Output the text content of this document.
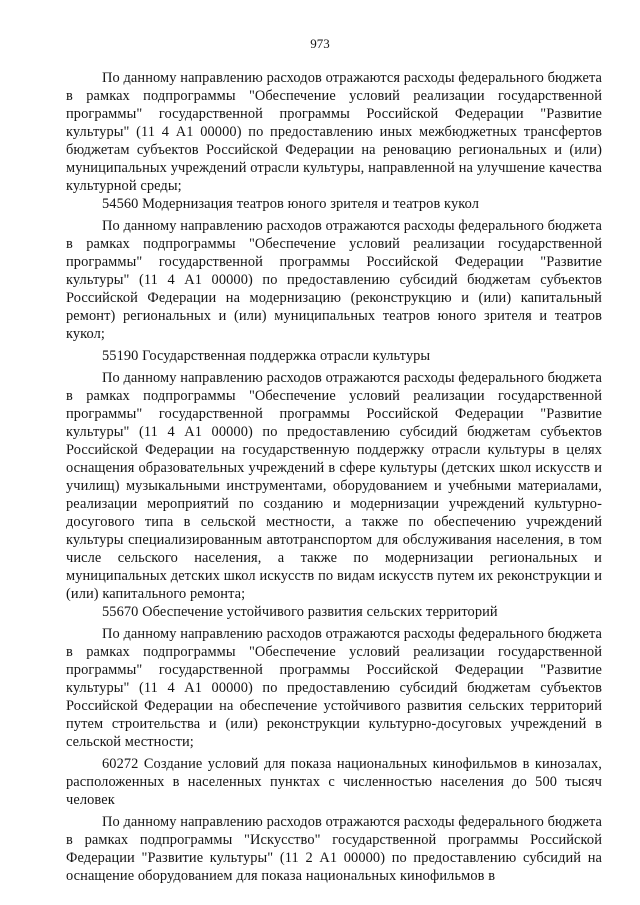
973

По данному направлению расходов отражаются расходы федерального бюджета в рамках подпрограммы "Обеспечение условий реализации государственной программы" государственной программы Российской Федерации "Развитие культуры" (11 4 А1 00000) по предоставлению иных межбюджетных трансфертов бюджетам субъектов Российской Федерации на реновацию региональных и (или) муниципальных учреждений отрасли культуры, направленной на улучшение качества культурной среды;

54560 Модернизация театров юного зрителя и театров кукол

По данному направлению расходов отражаются расходы федерального бюджета в рамках подпрограммы "Обеспечение условий реализации государственной программы" государственной программы Российской Федерации "Развитие культуры" (11 4 А1 00000) по предоставлению субсидий бюджетам субъектов Российской Федерации на модернизацию (реконструкцию и (или) капитальный ремонт) региональных и (или) муниципальных театров юного зрителя и театров кукол;

55190 Государственная поддержка отрасли культуры

По данному направлению расходов отражаются расходы федерального бюджета в рамках подпрограммы "Обеспечение условий реализации государственной программы" государственной программы Российской Федерации "Развитие культуры" (11 4 А1 00000) по предоставлению субсидий бюджетам субъектов Российской Федерации на государственную поддержку отрасли культуры в целях оснащения образовательных учреждений в сфере культуры (детских школ искусств и училищ) музыкальными инструментами, оборудованием и учебными материалами, реализации мероприятий по созданию и модернизации учреждений культурно-досугового типа в сельской местности, а также по обеспечению учреждений культуры специализированным автотранспортом для обслуживания населения, в том числе сельского населения, а также по модернизации региональных и муниципальных детских школ искусств по видам искусств путем их реконструкции и (или) капитального ремонта;

55670 Обеспечение устойчивого развития сельских территорий

По данному направлению расходов отражаются расходы федерального бюджета в рамках подпрограммы "Обеспечение условий реализации государственной программы" государственной программы Российской Федерации "Развитие культуры" (11 4 А1 00000) по предоставлению субсидий бюджетам субъектов Российской Федерации на обеспечение устойчивого развития сельских территорий путем строительства и (или) реконструкции культурно-досуговых учреждений в сельской местности;

60272 Создание условий для показа национальных кинофильмов в кинозалах, расположенных в населенных пунктах с численностью населения до 500 тысяч человек

По данному направлению расходов отражаются расходы федерального бюджета в рамках подпрограммы "Искусство" государственной программы Российской Федерации "Развитие культуры" (11 2 А1 00000) по предоставлению субсидий на оснащение оборудованием для показа национальных кинофильмов в
